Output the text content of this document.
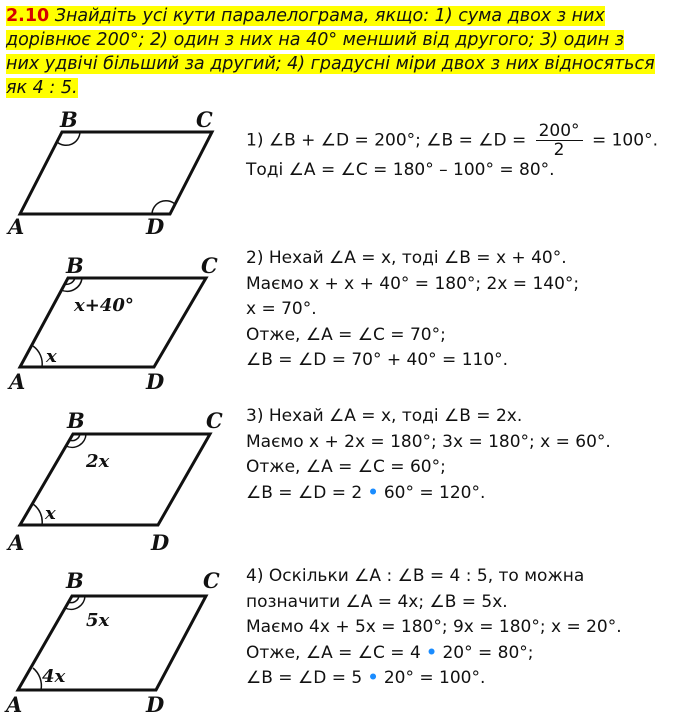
2.10 Знайдіть усі кути паралелограма, якщо: 1) сума двох з них
дорівнює 200°; 2) один з них на 40° менший від другого; 3) один з
них удвічі більший за другий; 4) градусні міри двох з них відносяться
як 4 : 5.
B	C
A	D
x+40°
x
B	C
A	D
2x
x
B	C
A	D
5x
4x
B	C
A	D
1) ∠B + ∠D = 200°; ∠B = ∠D = $\frac{200^\circ}{2} = 100^\circ$.
Тоді ∠A = ∠C = 180° – 100° = 80°.
2) Нехай ∠A = x, тоді ∠B = x + 40°.
Маємо x + x + 40° = 180°; 2x = 140°;
x = 70°.
Отже, ∠A = ∠C = 70°;
∠B = ∠D = 70° + 40° = 110°.
3) Нехай ∠A = x, тоді ∠B = 2x.
Маємо x + 2x = 180°; 3x = 180°; x = 60°.
Отже, ∠A = ∠C = 60°;
∠B = ∠D = 2 • 60° = 120°.
4) Оскільки ∠A : ∠B = 4 : 5, то можна
позначити ∠A = 4x; ∠B = 5x.
Маємо 4x + 5x = 180°; 9x = 180°; x = 20°.
Отже, ∠A = ∠C = 4 • 20° = 80°;
∠B = ∠D = 5 • 20° = 100°.
